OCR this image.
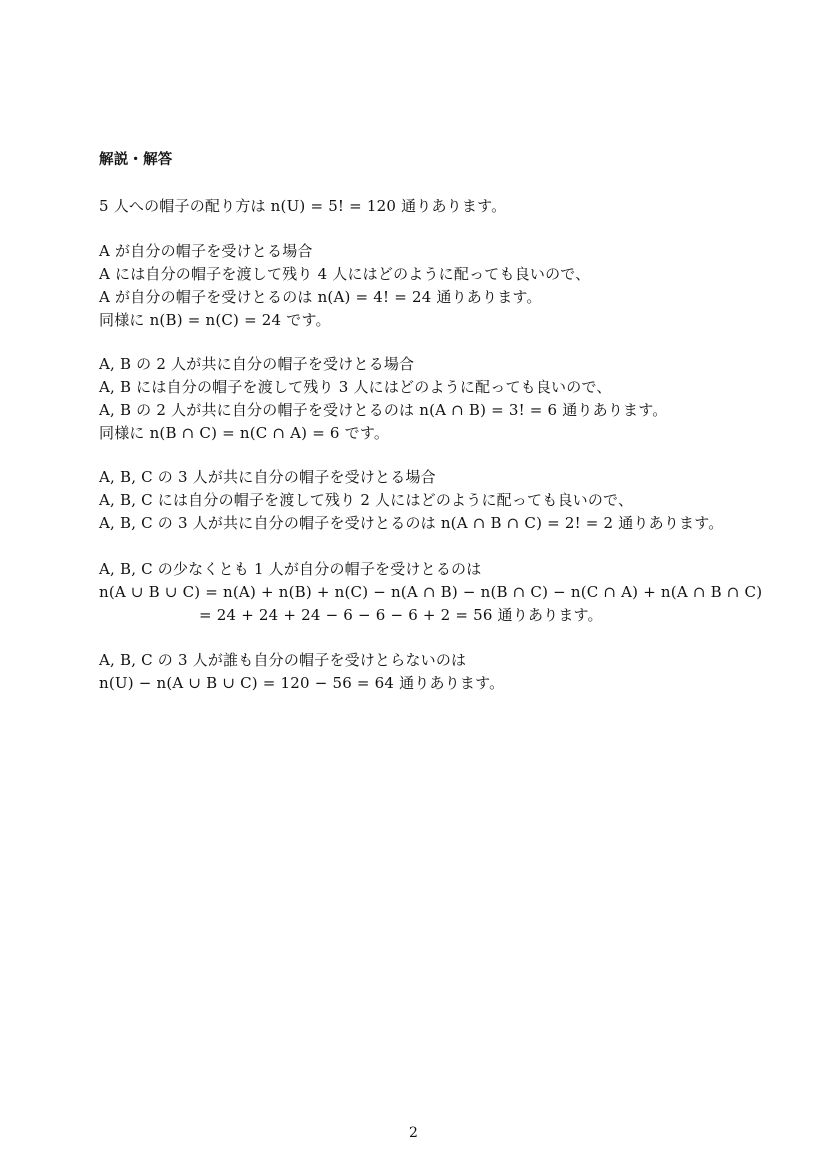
解説・解答
5 人への帽子の配り方は n(U) = 5! = 120 通りあります。
A が自分の帽子を受けとる場合
A には自分の帽子を渡して残り 4 人にはどのように配っても良いので、
A が自分の帽子を受けとるのは n(A) = 4! = 24 通りあります。
同様に n(B) = n(C) = 24 です。
A, B の 2 人が共に自分の帽子を受けとる場合
A, B には自分の帽子を渡して残り 3 人にはどのように配っても良いので、
A, B の 2 人が共に自分の帽子を受けとるのは n(A ∩ B) = 3! = 6 通りあります。
同様に n(B ∩ C) = n(C ∩ A) = 6 です。
A, B, C の 3 人が共に自分の帽子を受けとる場合
A, B, C には自分の帽子を渡して残り 2 人にはどのように配っても良いので、
A, B, C の 3 人が共に自分の帽子を受けとるのは n(A ∩ B ∩ C) = 2! = 2 通りあります。
A, B, C の少なくとも 1 人が自分の帽子を受けとるのは
n(A ∪ B ∪ C) = n(A) + n(B) + n(C) − n(A ∩ B) − n(B ∩ C) − n(C ∩ A) + n(A ∩ B ∩ C)
= 24 + 24 + 24 − 6 − 6 − 6 + 2 = 56 通りあります。
A, B, C の 3 人が誰も自分の帽子を受けとらないのは
n(U) − n(A ∪ B ∪ C) = 120 − 56 = 64 通りあります。
2
